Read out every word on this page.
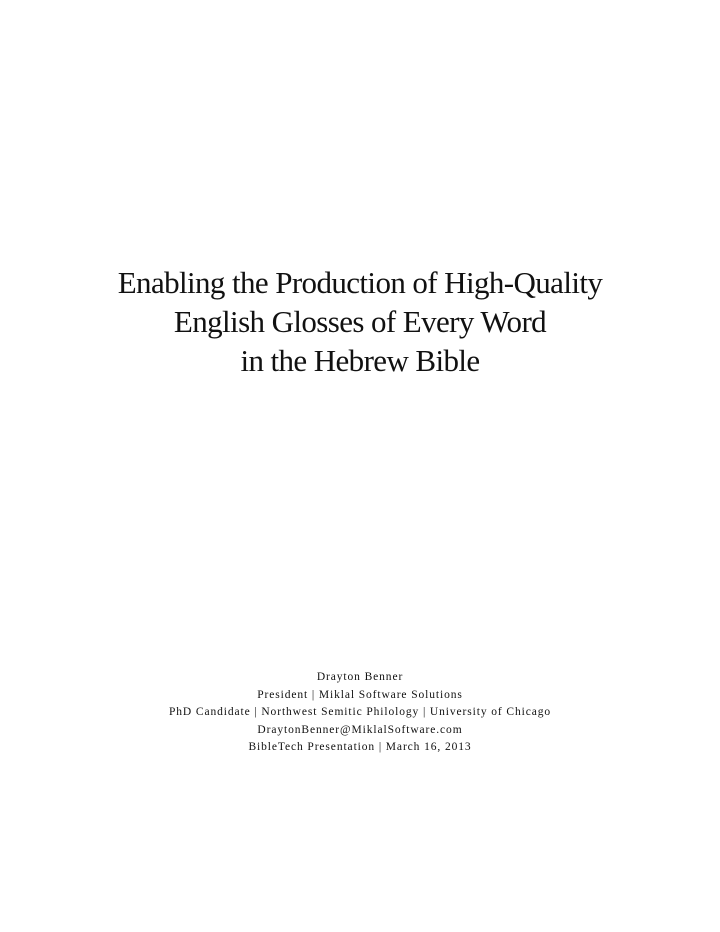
Enabling the Production of High-Quality
English Glosses of Every Word
in the Hebrew Bible
Drayton Benner
President | Miklal Software Solutions
PhD Candidate | Northwest Semitic Philology | University of Chicago
DraytonBenner@MiklalSoftware.com
BibleTech Presentation | March 16, 2013
